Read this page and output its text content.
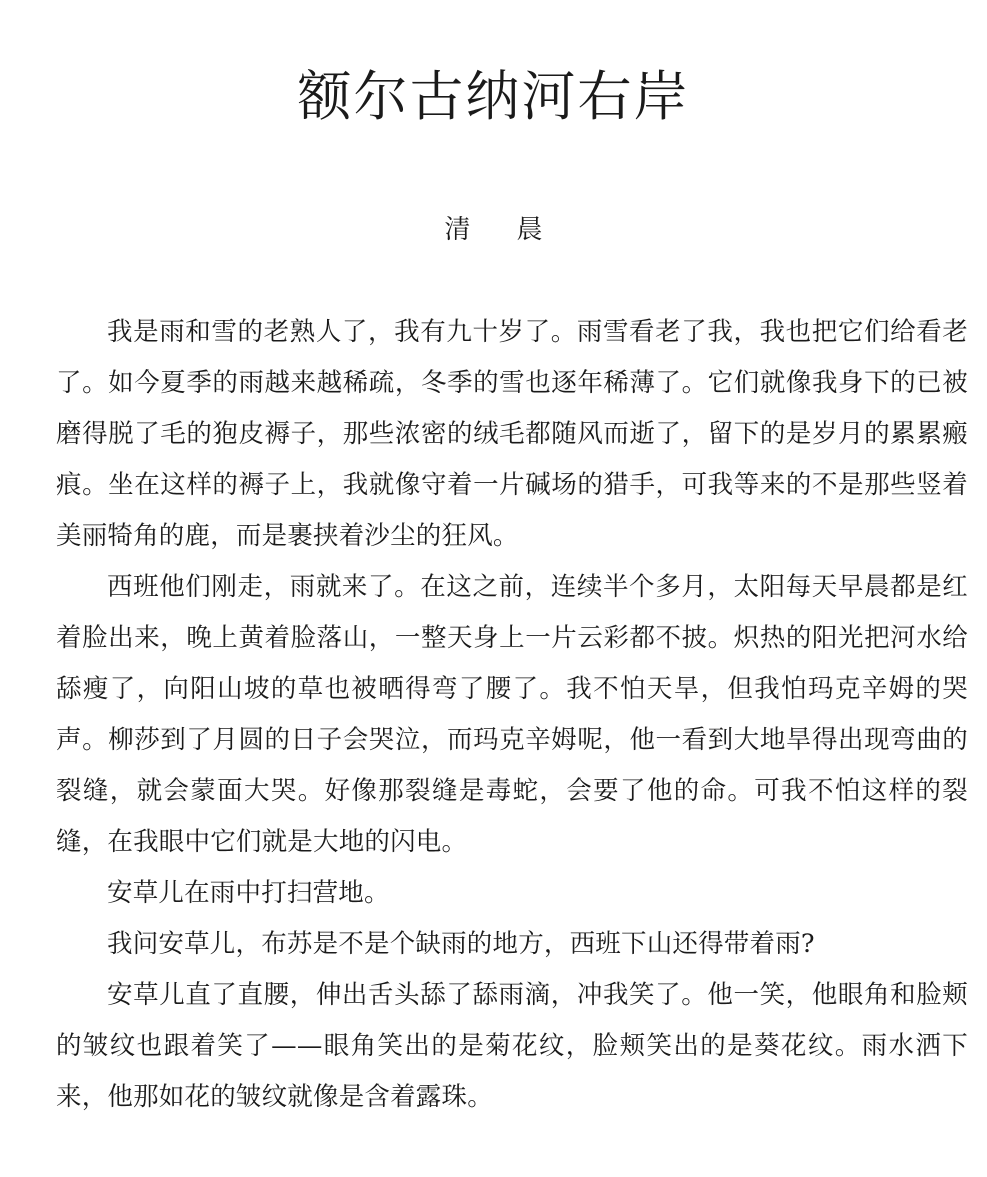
额尔古纳河右岸
清晨

我是雨和雪的老熟人了，我有九十岁了。雨雪看老了我，我也把它们给看老了。如今夏季的雨越来越稀疏，冬季的雪也逐年稀薄了。它们就像我身下的已被磨得脱了毛的狍皮褥子，那些浓密的绒毛都随风而逝了，留下的是岁月的累累瘢痕。坐在这样的褥子上，我就像守着一片碱场的猎手，可我等来的不是那些竖着美丽犄角的鹿，而是裹挟着沙尘的狂风。

西班他们刚走，雨就来了。在这之前，连续半个多月，太阳每天早晨都是红着脸出来，晚上黄着脸落山，一整天身上一片云彩都不披。炽热的阳光把河水给舔瘦了，向阳山坡的草也被晒得弯了腰了。我不怕天旱，但我怕玛克辛姆的哭声。柳莎到了月圆的日子会哭泣，而玛克辛姆呢，他一看到大地旱得出现弯曲的裂缝，就会蒙面大哭。好像那裂缝是毒蛇，会要了他的命。可我不怕这样的裂缝，在我眼中它们就是大地的闪电。

安草儿在雨中打扫营地。

我问安草儿，布苏是不是个缺雨的地方，西班下山还得带着雨?

安草儿直了直腰，伸出舌头舔了舔雨滴，冲我笑了。他一笑，他眼角和脸颊的皱纹也跟着笑了——眼角笑出的是菊花纹，脸颊笑出的是葵花纹。雨水洒下来，他那如花的皱纹就像是含着露珠。
